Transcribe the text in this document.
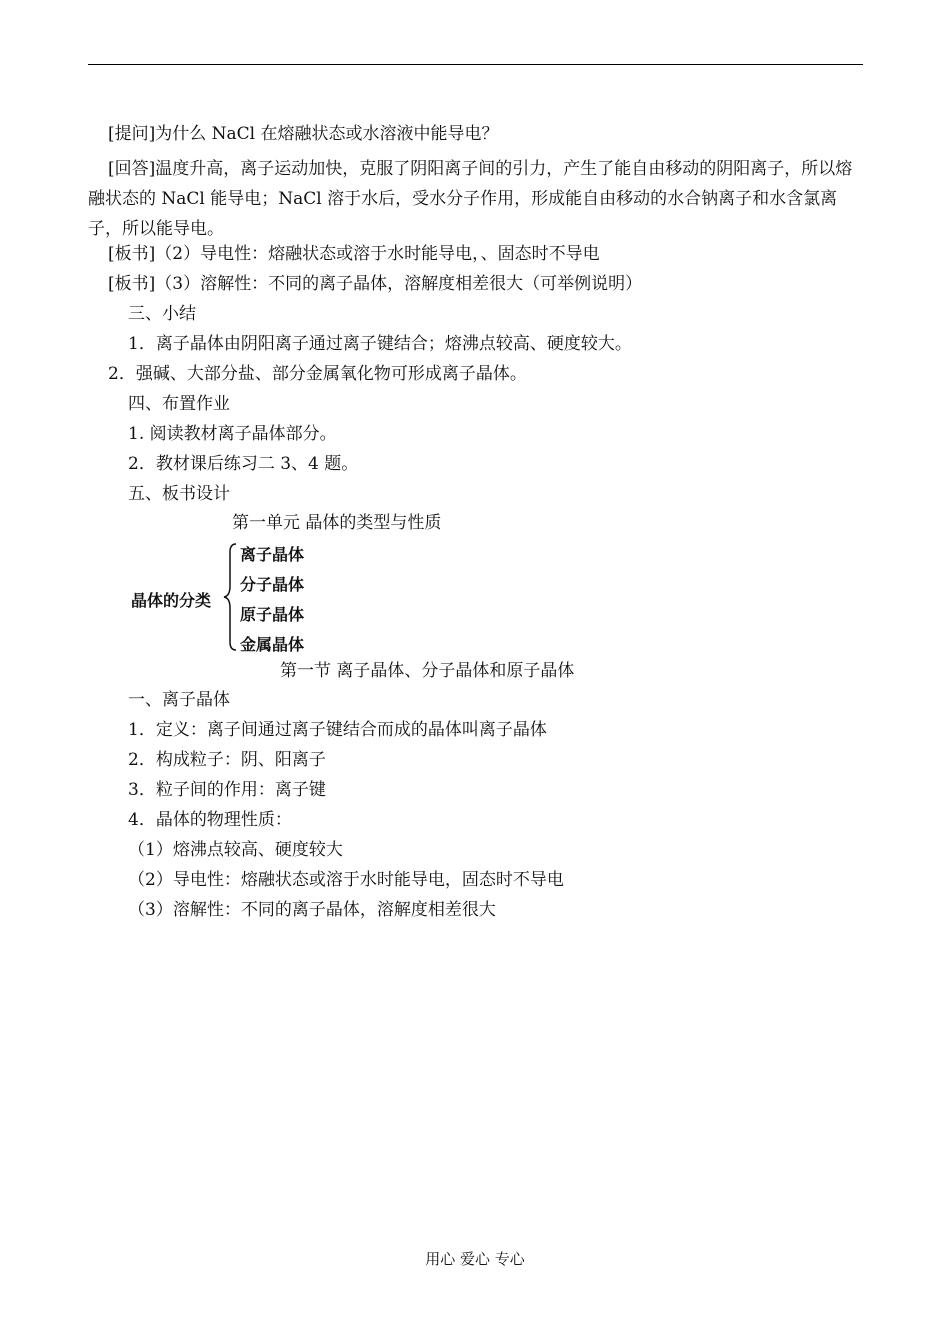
[提问]为什么 NaCl 在熔融状态或水溶液中能导电？
[回答]温度升高，离子运动加快，克服了阴阳离子间的引力，产生了能自由移动的阴阳离子，所以熔融状态的 NaCl 能导电；NaCl 溶于水后，受水分子作用，形成能自由移动的水合钠离子和水含氯离子，所以能导电。
[板书]（2）导电性：熔融状态或溶于水时能导电，、固态时不导电
[板书]（3）溶解性：不同的离子晶体，溶解度相差很大（可举例说明）
三、小结
1．离子晶体由阴阳离子通过离子键结合；熔沸点较高、硬度较大。
2．强碱、大部分盐、部分金属氧化物可形成离子晶体。
四、布置作业
1. 阅读教材离子晶体部分。
2．教材课后练习二 3、4 题。
五、板书设计
第一单元 晶体的类型与性质
晶体的分类
离子晶体
分子晶体
原子晶体
金属晶体
第一节 离子晶体、分子晶体和原子晶体
一、离子晶体
1．定义：离子间通过离子键结合而成的晶体叫离子晶体
2．构成粒子：阴、阳离子
3．粒子间的作用：离子键
4．晶体的物理性质：
（1）熔沸点较高、硬度较大
（2）导电性：熔融状态或溶于水时能导电，固态时不导电
（3）溶解性：不同的离子晶体，溶解度相差很大
用心 爱心 专心
